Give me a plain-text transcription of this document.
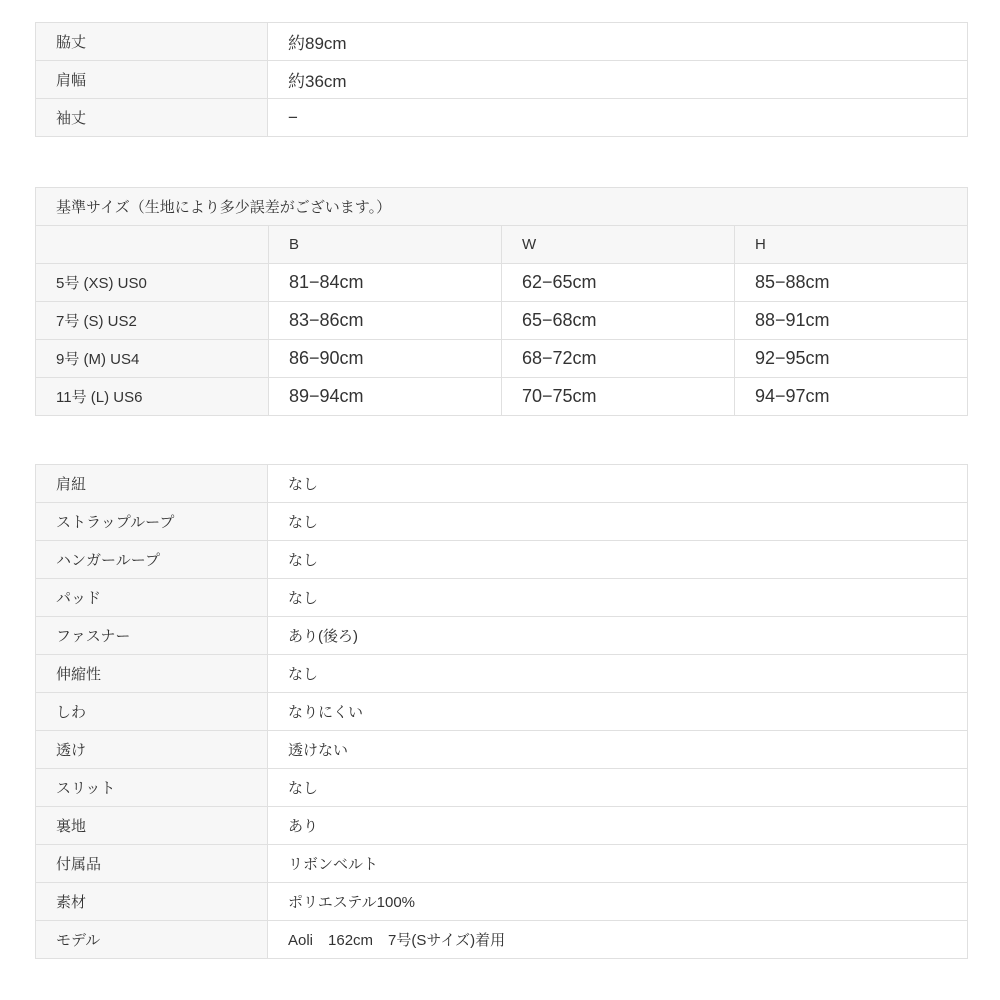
脇丈	約89cm
肩幅	約36cm
袖丈	−
基準サイズ（生地により多少誤差がございます。）			
	B	W	H
5号 (XS) US0	81−84cm	62−65cm	85−88cm
7号 (S) US2	83−86cm	65−68cm	88−91cm
9号 (M) US4	86−90cm	68−72cm	92−95cm
11号 (L) US6	89−94cm	70−75cm	94−97cm
肩紐	なし
ストラップループ	なし
ハンガーループ	なし
パッド	なし
ファスナー	あり(後ろ)
伸縮性	なし
しわ	なりにくい
透け	透けない
スリット	なし
裏地	あり
付属品	リボンベルト
素材	ポリエステル100%
モデル	Aoli　162cm　7号(Sサイズ)着用
